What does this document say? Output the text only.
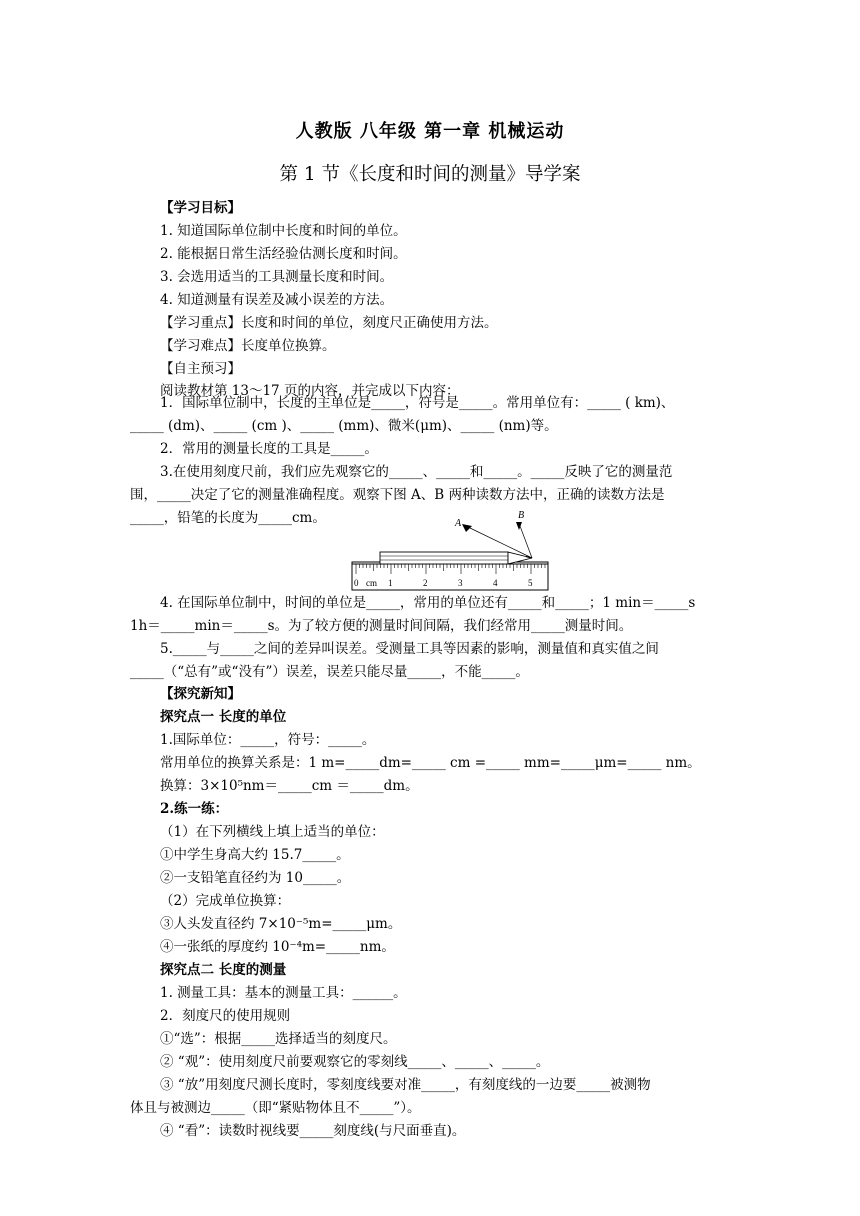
人教版 八年级 第一章 机械运动
第 1 节《长度和时间的测量》导学案
【学习目标】
1. 知道国际单位制中长度和时间的单位。
2. 能根据日常生活经验估测长度和时间。
3. 会选用适当的工具测量长度和时间。
4. 知道测量有误差及减小误差的方法。
【学习重点】长度和时间的单位，刻度尺正确使用方法。
【学习难点】长度单位换算。
【自主预习】
阅读教材第 13～17 页的内容，并完成以下内容：
1．国际单位制中，长度的主单位是_____，符号是_____。常用单位有：_____ ( km)、
_____ (dm)、_____ (cm )、_____ (mm)、微米(μm)、_____ (nm)等。
2．常用的测量长度的工具是_____。
3.在使用刻度尺前，我们应先观察它的_____、_____和_____。_____反映了它的测量范
围，_____决定了它的测量准确程度。观察下图 A、B 两种读数方法中，正确的读数方法是
_____，铅笔的长度为_____cm。	A
B
cm
0	1	2	3	4	5
4. 在国际单位制中，时间的单位是_____，常用的单位还有_____和_____；1 min＝_____s
1h＝_____min＝_____s。为了较方便的测量时间间隔，我们经常用_____测量时间。
5._____与_____之间的差异叫误差。受测量工具等因素的影响，测量值和真实值之间
_____（“总有”或“没有”）误差，误差只能尽量_____，不能_____。
【探究新知】
探究点一 长度的单位
1.国际单位：_____，符号：_____。
常用单位的换算关系是：1 m=_____dm=_____ cm =_____ mm=_____μm=_____ nm。
换算：3×10⁵nm＝_____cm ＝_____dm。
2.练一练：
（1）在下列横线上填上适当的单位：
①中学生身高大约 15.7_____。
②一支铅笔直径约为 10_____。
（2）完成单位换算：
③人头发直径约 7×10⁻⁵m=_____μm。
④一张纸的厚度约 10⁻⁴m=_____nm。
探究点二 长度的测量
1. 测量工具：基本的测量工具：______。
2．刻度尺的使用规则
①“选”：根据_____选择适当的刻度尺。
② “观”：使用刻度尺前要观察它的零刻线_____、_____、_____。
③ “放”用刻度尺测长度时，零刻度线要对准_____，有刻度线的一边要_____被测物
体且与被测边_____（即“紧贴物体且不_____”）。
④ “看”：读数时视线要_____刻度线(与尺面垂直)。
